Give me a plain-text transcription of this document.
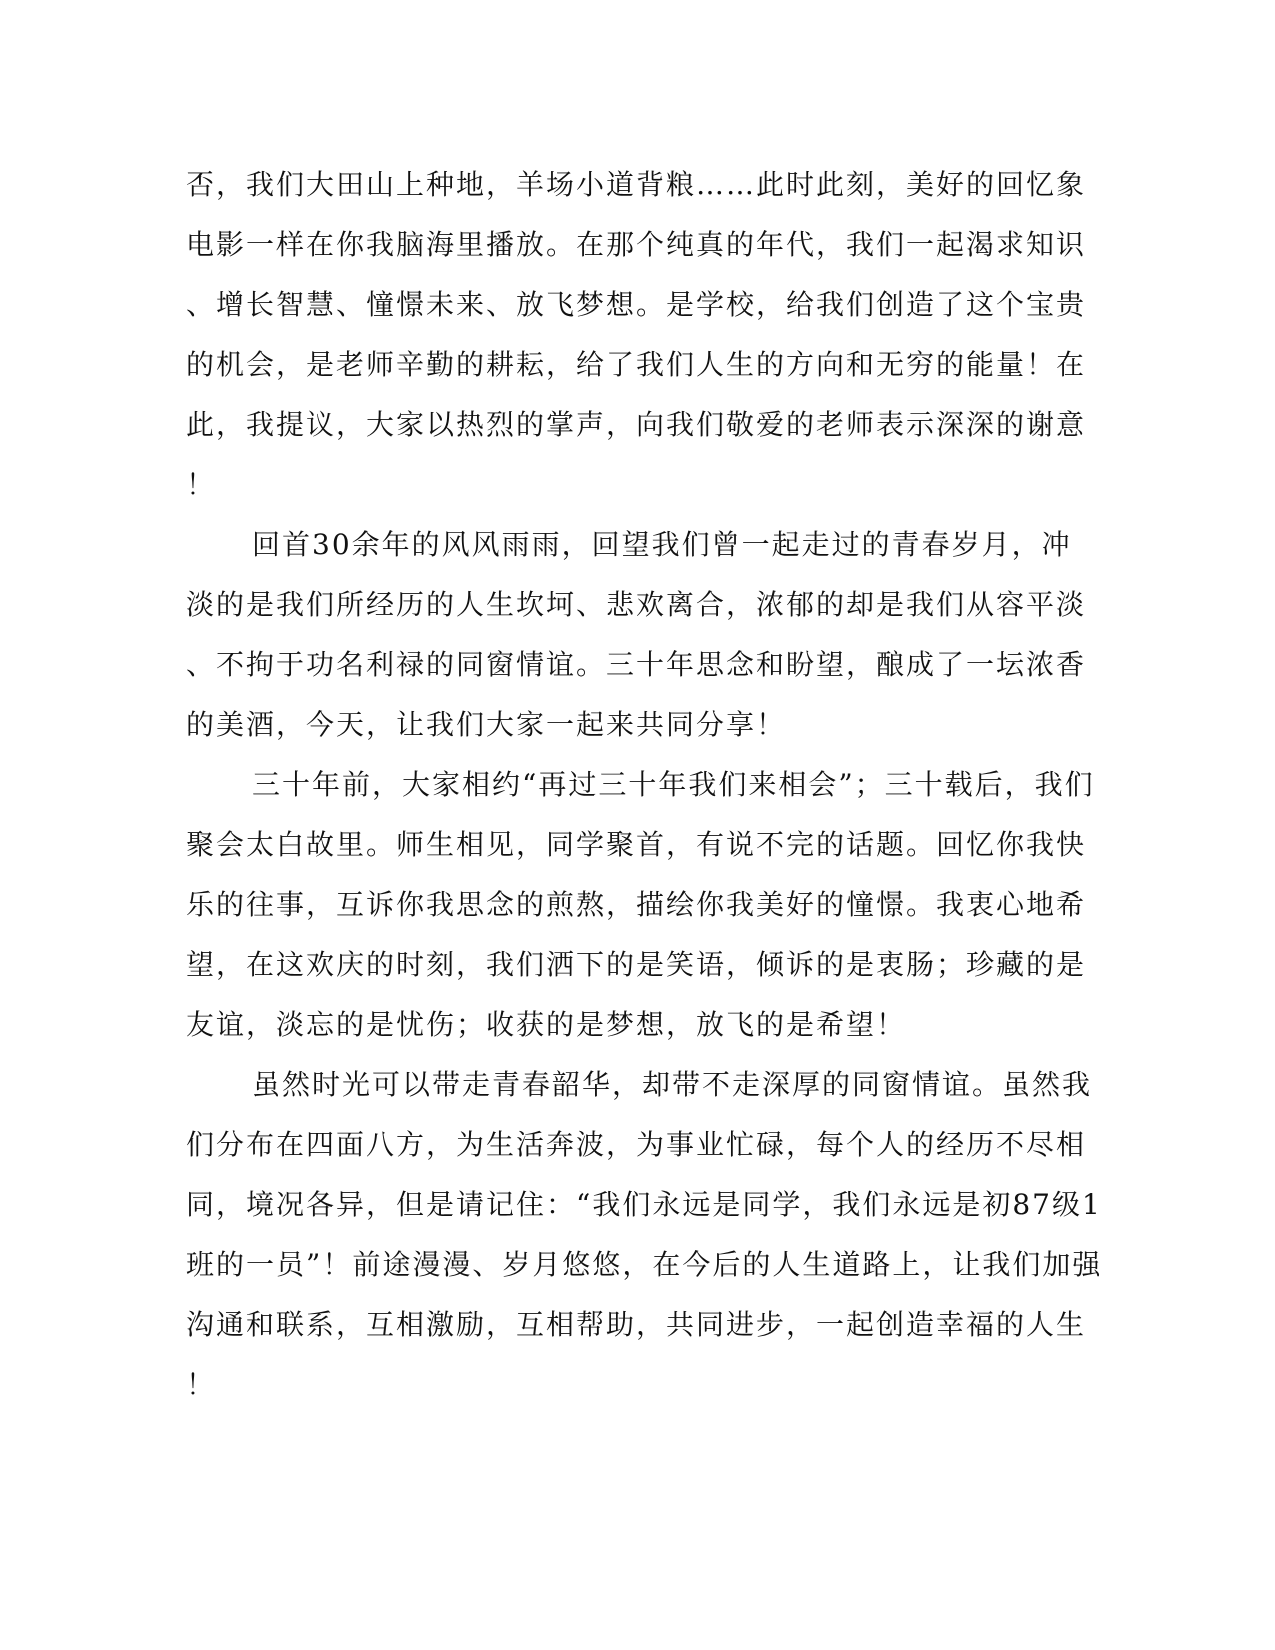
否，我们大田山上种地，羊场小道背粮……此时此刻，美好的回忆象
电影一样在你我脑海里播放。在那个纯真的年代，我们一起渴求知识
、增长智慧、憧憬未来、放飞梦想。是学校，给我们创造了这个宝贵
的机会，是老师辛勤的耕耘，给了我们人生的方向和无穷的能量！在
此，我提议，大家以热烈的掌声，向我们敬爱的老师表示深深的谢意
！
回首30余年的风风雨雨，回望我们曾一起走过的青春岁月，冲
淡的是我们所经历的人生坎坷、悲欢离合，浓郁的却是我们从容平淡
、不拘于功名利禄的同窗情谊。三十年思念和盼望，酿成了一坛浓香
的美酒，今天，让我们大家一起来共同分享！
三十年前，大家相约“再过三十年我们来相会”；三十载后，我们
聚会太白故里。师生相见，同学聚首，有说不完的话题。回忆你我快
乐的往事，互诉你我思念的煎熬，描绘你我美好的憧憬。我衷心地希
望，在这欢庆的时刻，我们洒下的是笑语，倾诉的是衷肠；珍藏的是
友谊，淡忘的是忧伤；收获的是梦想，放飞的是希望！
虽然时光可以带走青春韶华，却带不走深厚的同窗情谊。虽然我
们分布在四面八方，为生活奔波，为事业忙碌，每个人的经历不尽相
同，境况各异，但是请记住：“我们永远是同学，我们永远是初87级1
班的一员”！前途漫漫、岁月悠悠，在今后的人生道路上，让我们加强
沟通和联系，互相激励，互相帮助，共同进步，一起创造幸福的人生
！
